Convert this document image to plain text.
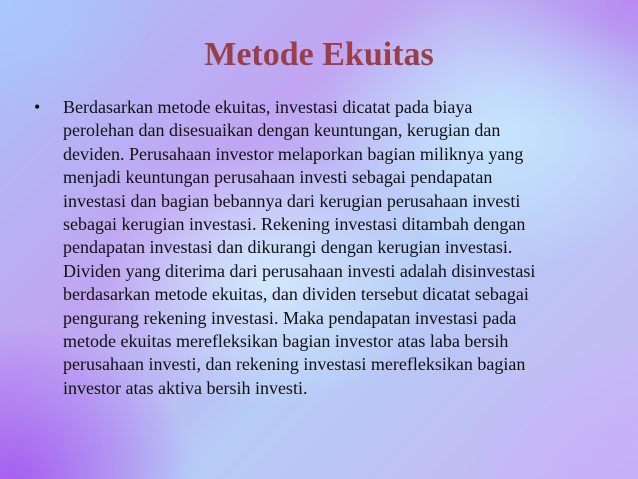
Metode Ekuitas
• Berdasarkan metode ekuitas, investasi dicatat pada biaya
perolehan dan disesuaikan dengan keuntungan, kerugian dan
deviden. Perusahaan investor melaporkan bagian miliknya yang
menjadi keuntungan perusahaan investi sebagai pendapatan
investasi dan bagian bebannya dari kerugian perusahaan investi
sebagai kerugian investasi. Rekening investasi ditambah dengan
pendapatan investasi dan dikurangi dengan kerugian investasi.
Dividen yang diterima dari perusahaan investi adalah disinvestasi
berdasarkan metode ekuitas, dan dividen tersebut dicatat sebagai
pengurang rekening investasi. Maka pendapatan investasi pada
metode ekuitas merefleksikan bagian investor atas laba bersih
perusahaan investi, dan rekening investasi merefleksikan bagian
investor atas aktiva bersih investi.
